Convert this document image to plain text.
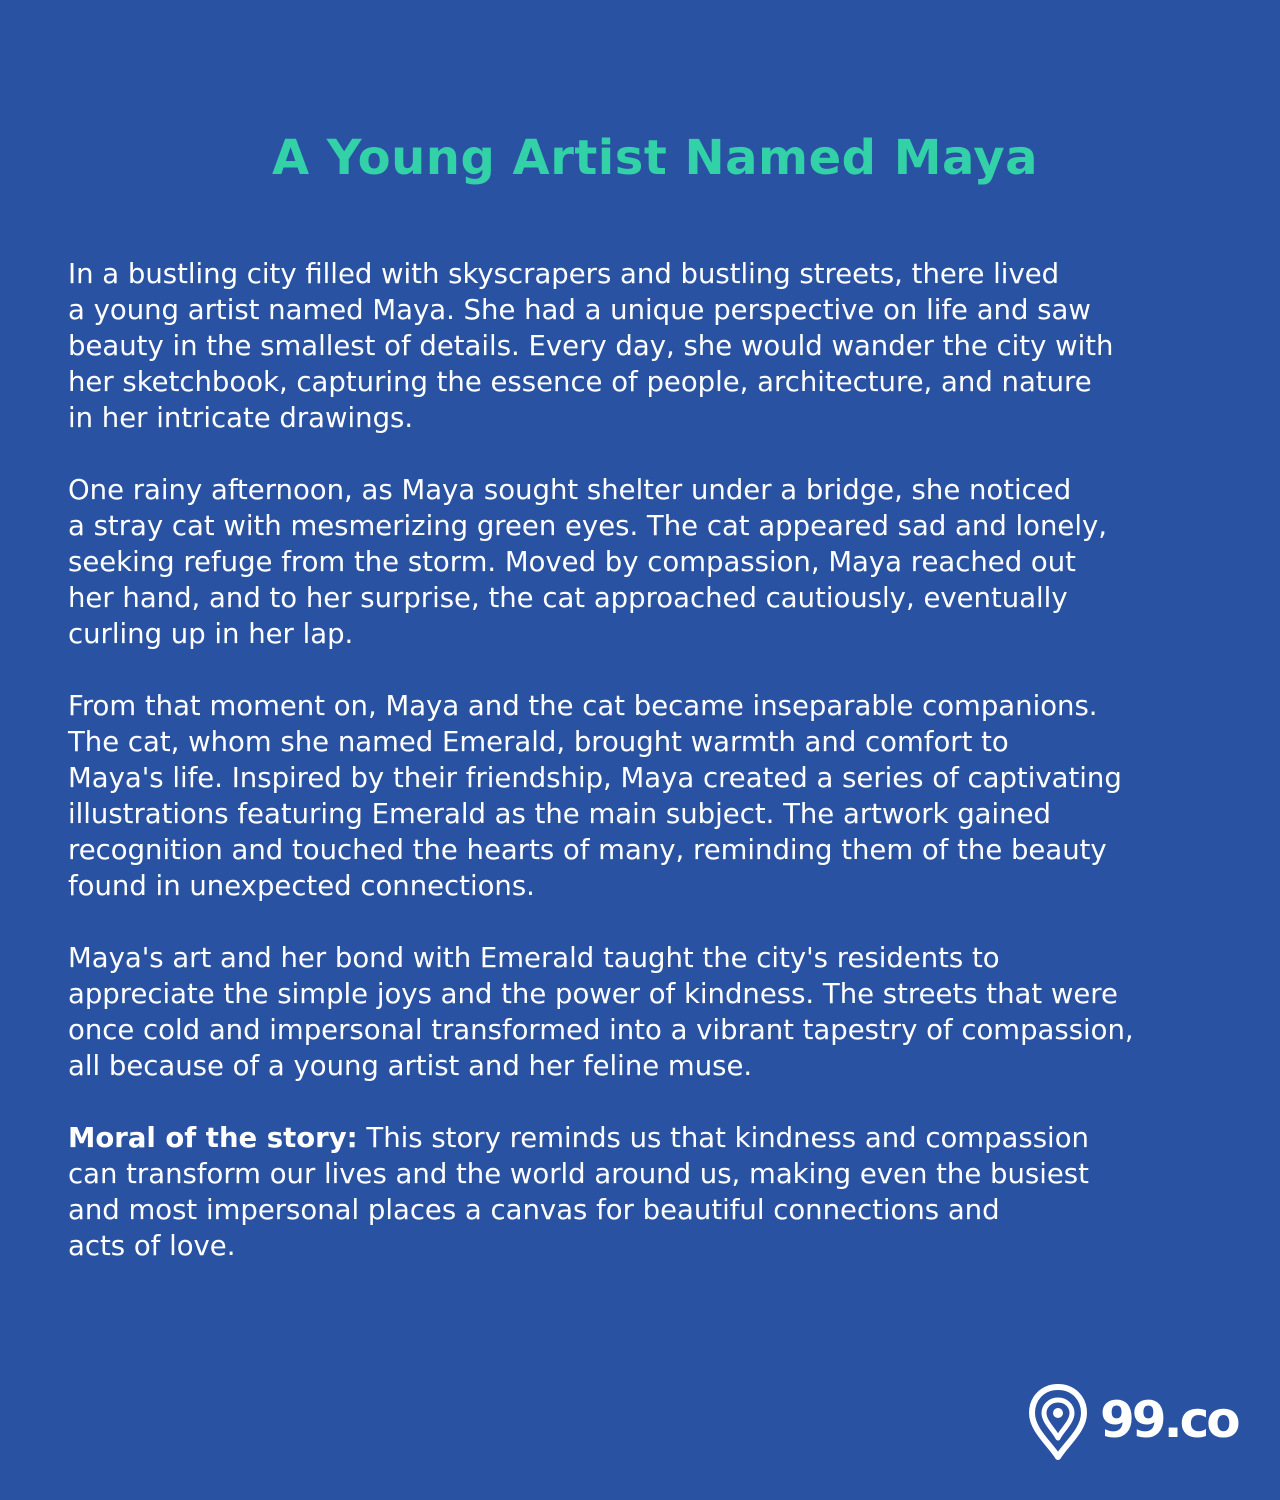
A Young Artist Named Maya

In a bustling city filled with skyscrapers and bustling streets, there lived
a young artist named Maya. She had a unique perspective on life and saw
beauty in the smallest of details. Every day, she would wander the city with
her sketchbook, capturing the essence of people, architecture, and nature
in her intricate drawings.

One rainy afternoon, as Maya sought shelter under a bridge, she noticed
a stray cat with mesmerizing green eyes. The cat appeared sad and lonely,
seeking refuge from the storm. Moved by compassion, Maya reached out
her hand, and to her surprise, the cat approached cautiously, eventually
curling up in her lap.

From that moment on, Maya and the cat became inseparable companions.
The cat, whom she named Emerald, brought warmth and comfort to
Maya's life. Inspired by their friendship, Maya created a series of captivating
illustrations featuring Emerald as the main subject. The artwork gained
recognition and touched the hearts of many, reminding them of the beauty
found in unexpected connections.

Maya's art and her bond with Emerald taught the city's residents to
appreciate the simple joys and the power of kindness. The streets that were
once cold and impersonal transformed into a vibrant tapestry of compassion,
all because of a young artist and her feline muse.

Moral of the story: This story reminds us that kindness and compassion
can transform our lives and the world around us, making even the busiest
and most impersonal places a canvas for beautiful connections and
acts of love.

99.co
